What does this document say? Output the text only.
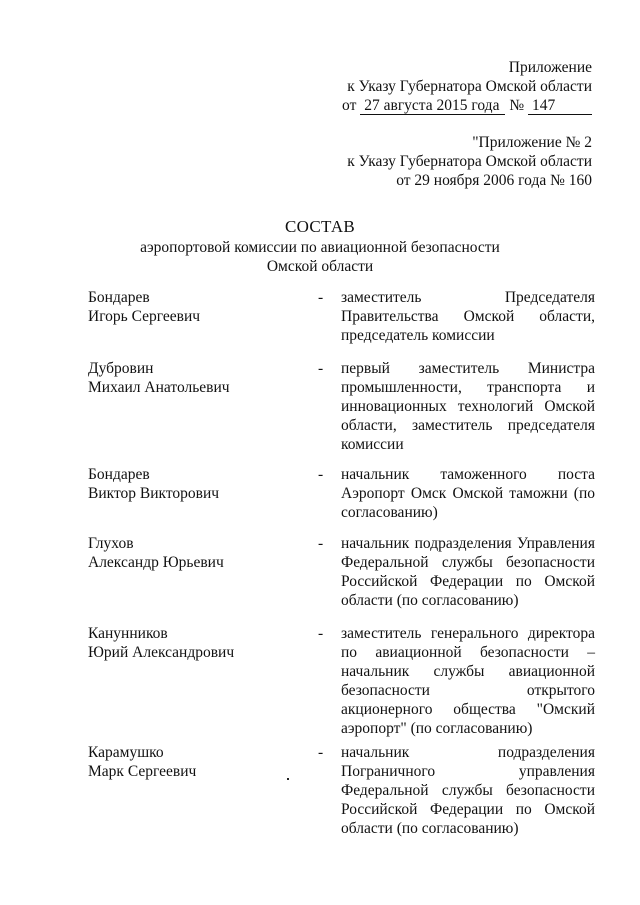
Приложение
к Указу Губернатора Омской области
от 27 августа 2015 года № 147
"Приложение № 2
к Указу Губернатора Омской области
от 29 ноября 2006 года № 160
СОСТАВ
аэропортовой комиссии по авиационной безопасности
Омской области
Бондарев
Игорь Сергеевич
- заместитель Председателя Правительства Омской области, председатель комиссии
Дубровин
Михаил Анатольевич
- первый заместитель Министра промышленности, транспорта и инновационных технологий Омской области, заместитель председателя комиссии
Бондарев
Виктор Викторович
- начальник таможенного поста Аэропорт Омск Омской таможни (по согласованию)
Глухов
Александр Юрьевич
- начальник подразделения Управления Федеральной службы безопасности Российской Федерации по Омской области (по согласованию)
Канунников
Юрий Александрович
- заместитель генерального директора по авиационной безопасности – начальник службы авиационной безопасности открытого акционерного общества "Омский аэропорт" (по согласованию)
Карамушко
Марк Сергеевич
- начальник подразделения Пограничного управления Федеральной службы безопасности Российской Федерации по Омской области (по согласованию)
